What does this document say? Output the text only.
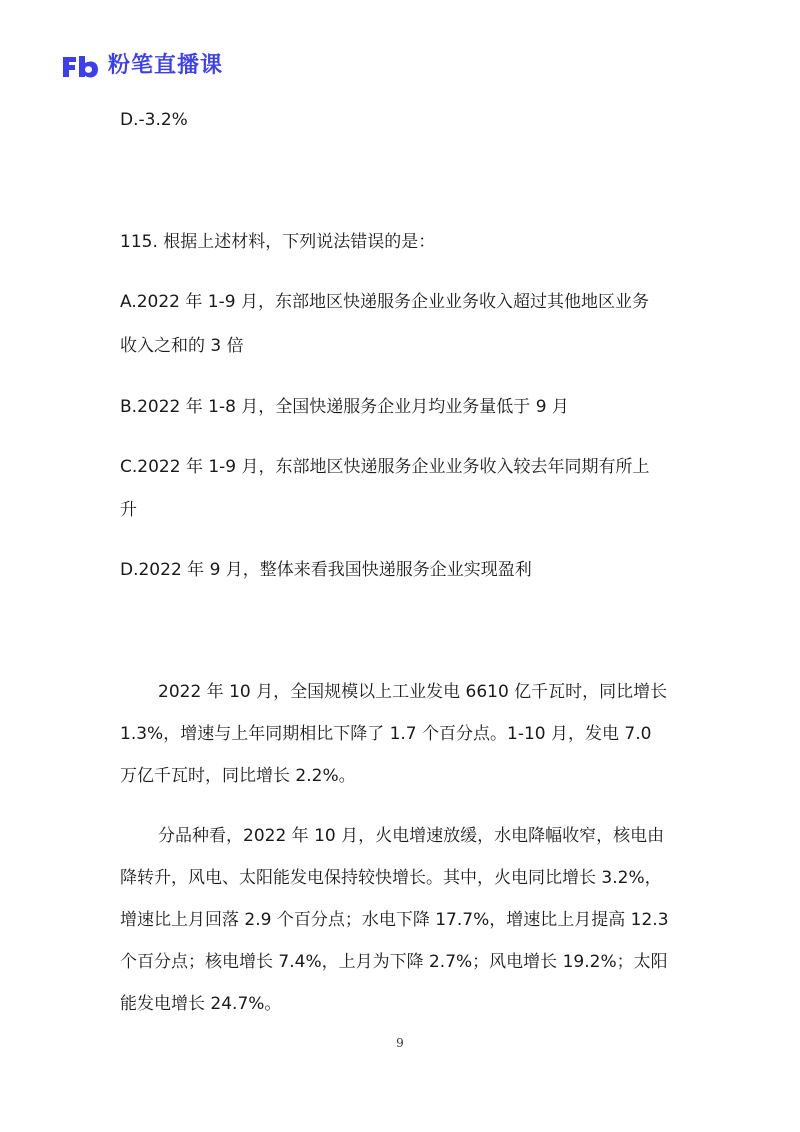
粉笔直播课
D.-3.2%
115. 根据上述材料，下列说法错误的是：
A.2022 年 1-9 月，东部地区快递服务企业业务收入超过其他地区业务
收入之和的 3 倍
B.2022 年 1-8 月，全国快递服务企业月均业务量低于 9 月
C.2022 年 1-9 月，东部地区快递服务企业业务收入较去年同期有所上
升
D.2022 年 9 月，整体来看我国快递服务企业实现盈利
2022 年 10 月，全国规模以上工业发电 6610 亿千瓦时，同比增长
1.3%，增速与上年同期相比下降了 1.7 个百分点。1-10 月，发电 7.0
万亿千瓦时，同比增长 2.2%。
分品种看，2022 年 10 月，火电增速放缓，水电降幅收窄，核电由
降转升，风电、太阳能发电保持较快增长。其中，火电同比增长 3.2%，
增速比上月回落 2.9 个百分点；水电下降 17.7%，增速比上月提高 12.3
个百分点；核电增长 7.4%，上月为下降 2.7%；风电增长 19.2%；太阳
能发电增长 24.7%。
9
